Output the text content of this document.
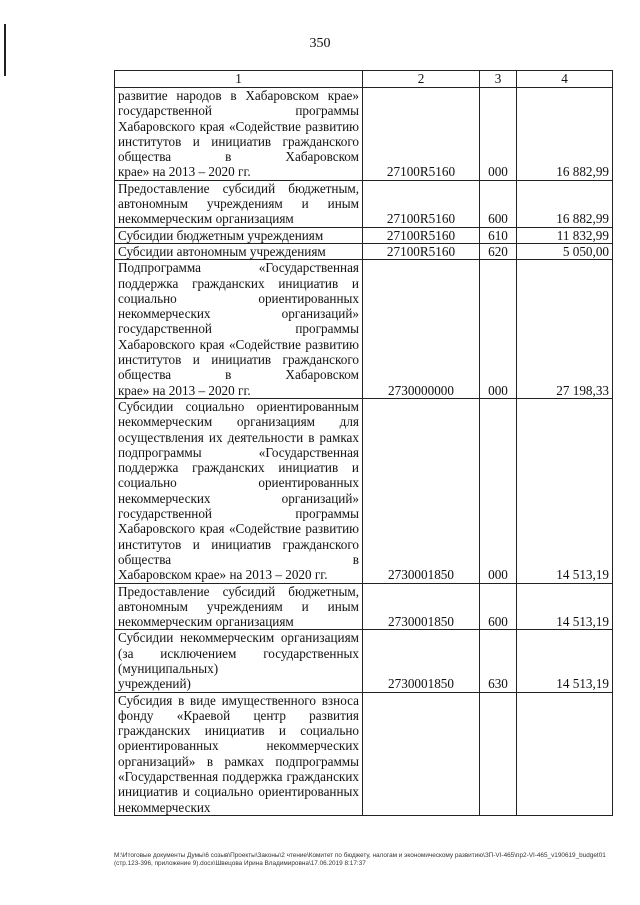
350
1	2	3	4
развитие народов в Хабаровском крае» государственной программы Хабаровского края «Содействие развитию институтов и инициатив гражданского общества в Хабаровском
крае» на 2013 – 2020 гг.	27100R5160	000	16 882,99
Предоставление субсидий бюджетным, автономным учреждениям и иным
некоммерческим организациям	27100R5160	600	16 882,99

Субсидии бюджетным учреждениям	27100R5160	610	11 832,99

Субсидии автономным учреждениям	27100R5160	620	5 050,00
Подпрограмма «Государственная поддержка гражданских инициатив и социально ориентированных некоммерческих организаций» государственной программы Хабаровского края «Содействие развитию институтов и инициатив гражданского общества в Хабаровском
крае» на 2013 – 2020 гг.	2730000000	000	27 198,33
Субсидии социально ориентированным некоммерческим организациям для осуществления их деятельности в рамках подпрограммы «Государственная поддержка гражданских инициатив и социально ориентированных некоммерческих организаций» государственной программы Хабаровского края «Содействие развитию институтов и инициатив гражданского общества в
Хабаровском крае» на 2013 – 2020 гг.	2730001850	000	14 513,19
Предоставление субсидий бюджетным, автономным учреждениям и иным
некоммерческим организациям	2730001850	600	14 513,19
Субсидии некоммерческим организациям (за исключением государственных (муниципальных)
учреждений)	2730001850	630	14 513,19
Субсидия в виде имущественного взноса фонду «Краевой центр развития гражданских инициатив и социально ориентированных некоммерческих организаций» в рамках подпрограммы «Государственная поддержка гражданских инициатив и социально ориентированных некоммерческих

M:\Итоговые документы Думы\6 созыв\Проекты\Законы\2 чтение\Комитет по бюджету, налогам и экономическому развитию\ЗП-VI-465\пр2-VI-465_v190619_budget01 (стр.123-396, приложение 9).docx\Швецова Ирина Владимировна\17.06.2019 8:17:37
